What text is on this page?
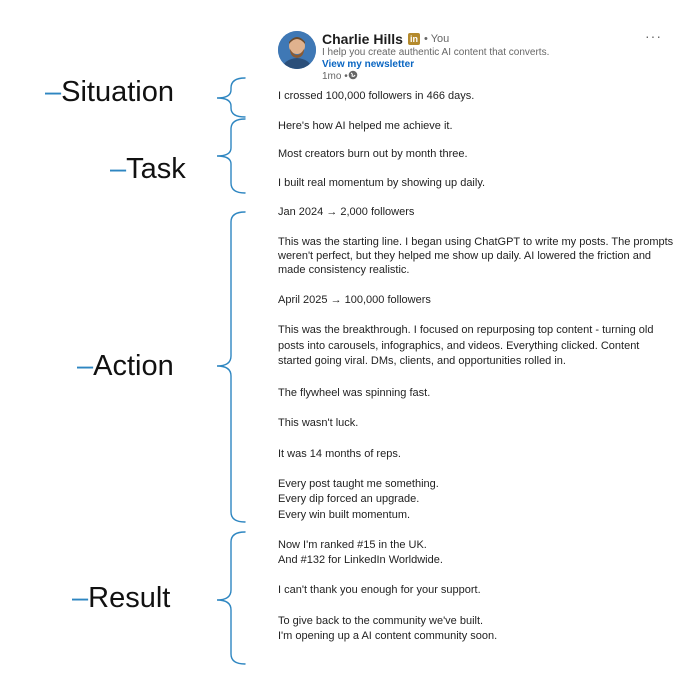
Charlie Hills in • You
I help you create authentic AI content that converts.
View my newsletter
1mo •
···
I crossed 100,000 followers in 466 days.
Here's how AI helped me achieve it.
Most creators burn out by month three.
I built real momentum by showing up daily.
Jan 2024 → 2,000 followers
This was the starting line. I began using ChatGPT to write my posts. The prompts
weren't perfect, but they helped me show up daily. AI lowered the friction and
made consistency realistic.
April 2025 → 100,000 followers
This was the breakthrough. I focused on repurposing top content - turning old
posts into carousels, infographics, and videos. Everything clicked. Content
started going viral. DMs, clients, and opportunities rolled in.
The flywheel was spinning fast.
This wasn't luck.
It was 14 months of reps.
Every post taught me something.
Every dip forced an upgrade.
Every win built momentum.
Now I'm ranked #15 in the UK.
And #132 for LinkedIn Worldwide.
I can't thank you enough for your support.
To give back to the community we've built.
I'm opening up a AI content community soon.
–Situation
–Task
–Action
–Result
